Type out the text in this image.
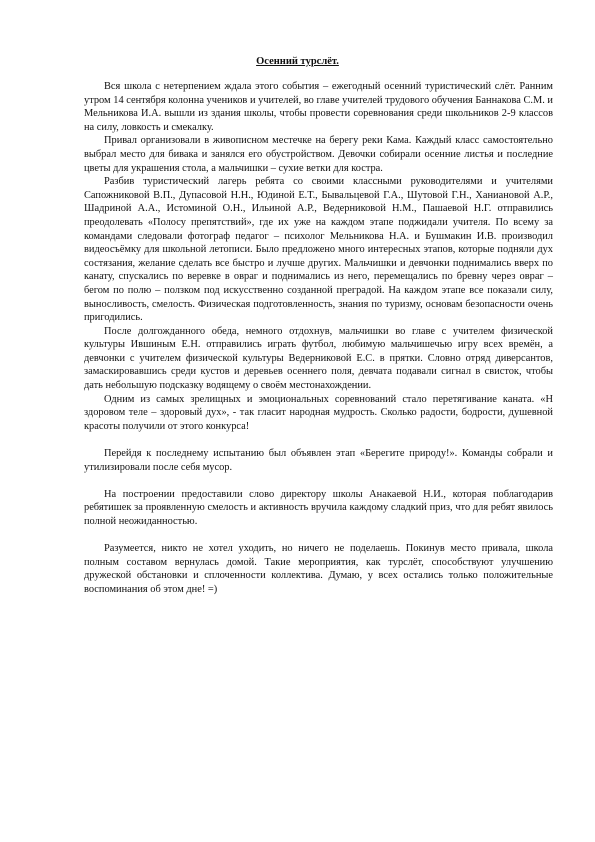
Осенний турслёт.

Вся школа с нетерпением ждала этого события – ежегодный осенний туристический слёт. Ранним утром 14 сентября колонна учеников и учителей, во главе учителей трудового обучения Баннакова С.М. и Мельникова И.А. вышли из здания школы, чтобы провести соревнования среди школьников 2-9 классов на силу, ловкость и смекалку.

Привал организовали в живописном местечке на берегу реки Кама. Каждый класс самостоятельно выбрал место для бивака и занялся его обустройством. Девочки собирали осенние листья и последние цветы для украшения стола, а мальчишки – сухие ветки для костра.

Разбив туристический лагерь ребята со своими классными руководителями и учителями Сапожниковой В.П., Дупасовой Н.Н., Юдиной Е.Т., Бывальцевой Г.А., Шутовой Г.Н., Ханиановой А.Р., Шадриной А.А., Истоминой О.Н., Ильиной А.Р., Ведерниковой Н.М., Пашаевой Н.Г. отправились преодолевать «Полосу препятствий», где их уже на каждом этапе поджидали учителя. По всему за командами следовали фотограф педагог – психолог Мельникова Н.А. и Бушмакин И.В. производил видеосъёмку для школьной летописи. Было предложено много интересных этапов, которые подняли дух состязания, желание сделать все быстро и лучше других. Мальчишки и девчонки поднимались вверх по канату, спускались по веревке в овраг и поднимались из него, перемещались по бревну через овраг – бегом по полю – ползком под искусственно созданной преградой. На каждом этапе все показали силу, выносливость, смелость. Физическая подготовленность, знания по туризму, основам безопасности очень пригодились.

После долгожданного обеда, немного отдохнув, мальчишки во главе с учителем физической культуры Ившиным Е.Н. отправились играть футбол, любимую мальчишечью игру всех времён, а девчонки с учителем физической культуры Ведерниковой Е.С. в прятки. Словно отряд диверсантов, замаскировавшись среди кустов и деревьев осеннего поля, девчата подавали сигнал в свисток, чтобы дать небольшую подсказку водящему о своём местонахождении.

Одним из самых зрелищных и эмоциональных соревнований стало перетягивание каната. «Н здоровом теле – здоровый дух», - так гласит народная мудрость. Сколько радости, бодрости, душевной красоты получили от этого конкурса!

Перейдя к последнему испытанию был объявлен этап «Берегите природу!». Команды собрали и утилизировали после себя мусор.

На построении предоставили слово директору школы Анакаевой Н.И., которая поблагодарив ребятишек за проявленную смелость и активность вручила каждому сладкий приз, что для ребят явилось полной неожиданностью.

Разумеется, никто не хотел уходить, но ничего не поделаешь. Покинув место привала, школа полным составом вернулась домой. Такие мероприятия, как турслёт, способствуют улучшению дружеской обстановки и сплоченности коллектива. Думаю, у всех остались только положительные воспоминания об этом дне! =)
